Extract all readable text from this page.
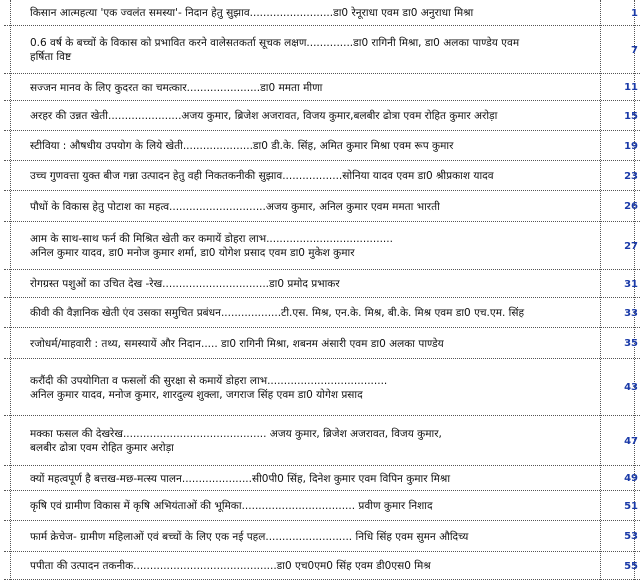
किसान आत्महत्या 'एक ज्वलंत समस्या'- निदान हेतु सुझाव.........................डा0 रेनूराधा एवम डा0 अनुराधा मिश्रा	1
0.6 वर्ष के बच्चों के विकास को प्रभावित करने वालेसतकर्ता सूचक लक्षण..............डा0 रागिनी मिश्रा, डा0 अलका पाण्डेय एवम
हर्षिता विष्ट
7
सज्जन मानव के लिए कुदरत का चमत्कार......................डा0 ममता मीणा	11
अरहर की उन्नत खेती......................अजय कुमार, ब्रिजेश अजरावत, विजय कुमार,बलबीर ढोत्रा एवम रोहित कुमार अरोड़ा	15
स्टीविया : औषधीय उपयोग के लिये खेती.....................डा0 डी.के. सिंह, अमित कुमार मिश्रा एवम रूप कुमार	19
उच्च गुणवत्ता युक्त बीज गन्ना उत्पादन हेतु वही निकतकनीकी सुझाव..................सोनिया यादव एवम डा0 श्रीप्रकाश यादव	23
पौधों के विकास हेतु पोटाश का महत्व.............................अजय कुमार, अनिल कुमार एवम ममता भारती	26
आम के साथ-साथ फर्न की मिश्रित खेती कर कमायें डोहरा लाभ......................................
अनिल कुमार यादव, डा0 मनोज कुमार शर्मा, डा0 योगेश प्रसाद एवम डा0 मुकेश कुमार
27
रोगग्रस्त पशुओं का उचित देख -रेख................................डा0 प्रमोद प्रभाकर	31
कीवी की वैज्ञानिक खेती एंव उसका समुचित प्रबंधन..................टी.एस. मिश्र, एन.के. मिश्र, बी.के. मिश्र एवम डा0 एच.एम. सिंह	33
रजोधर्म/माहवारी : तथ्य, समस्यायें और निदान..... डा0 रागिनी मिश्रा, शबनम अंसारी एवम डा0 अलका पाण्डेय	35
करौंदी की उपयोगिता व फसलों की सुरक्षा से कमायें डोहरा लाभ....................................
अनिल कुमार यादव, मनोज कुमार, शारदुल्य शुक्ला, जगराज सिंह एवम डा0 योगेश प्रसाद
43
मक्का फसल की देखरेख........................................... अजय कुमार, ब्रिजेश अजरावत, विजय कुमार,
बलबीर ढोत्रा एवम रोहित कुमार अरोड़ा
47
क्यों महत्वपूर्ण है बत्तख-मछ-मत्स्य पालन.....................सी0पी0 सिंह, दिनेश कुमार एवम विपिन कुमार मिश्रा	49
कृषि एवं ग्रामीण विकास में कृषि अभियंताओं की भूमिका.................................. प्रवीण कुमार निशाद	51
फार्म क्रेचेज- ग्रामीण महिलाओं एवं बच्चों के लिए एक नई पहल.......................... निधि सिंह एवम सुमन औदिच्य	53
पपीता की उत्पादन तकनीक...........................................डा0 एच0एम0 सिंह एवम डी0एस0 मिश्र	55
